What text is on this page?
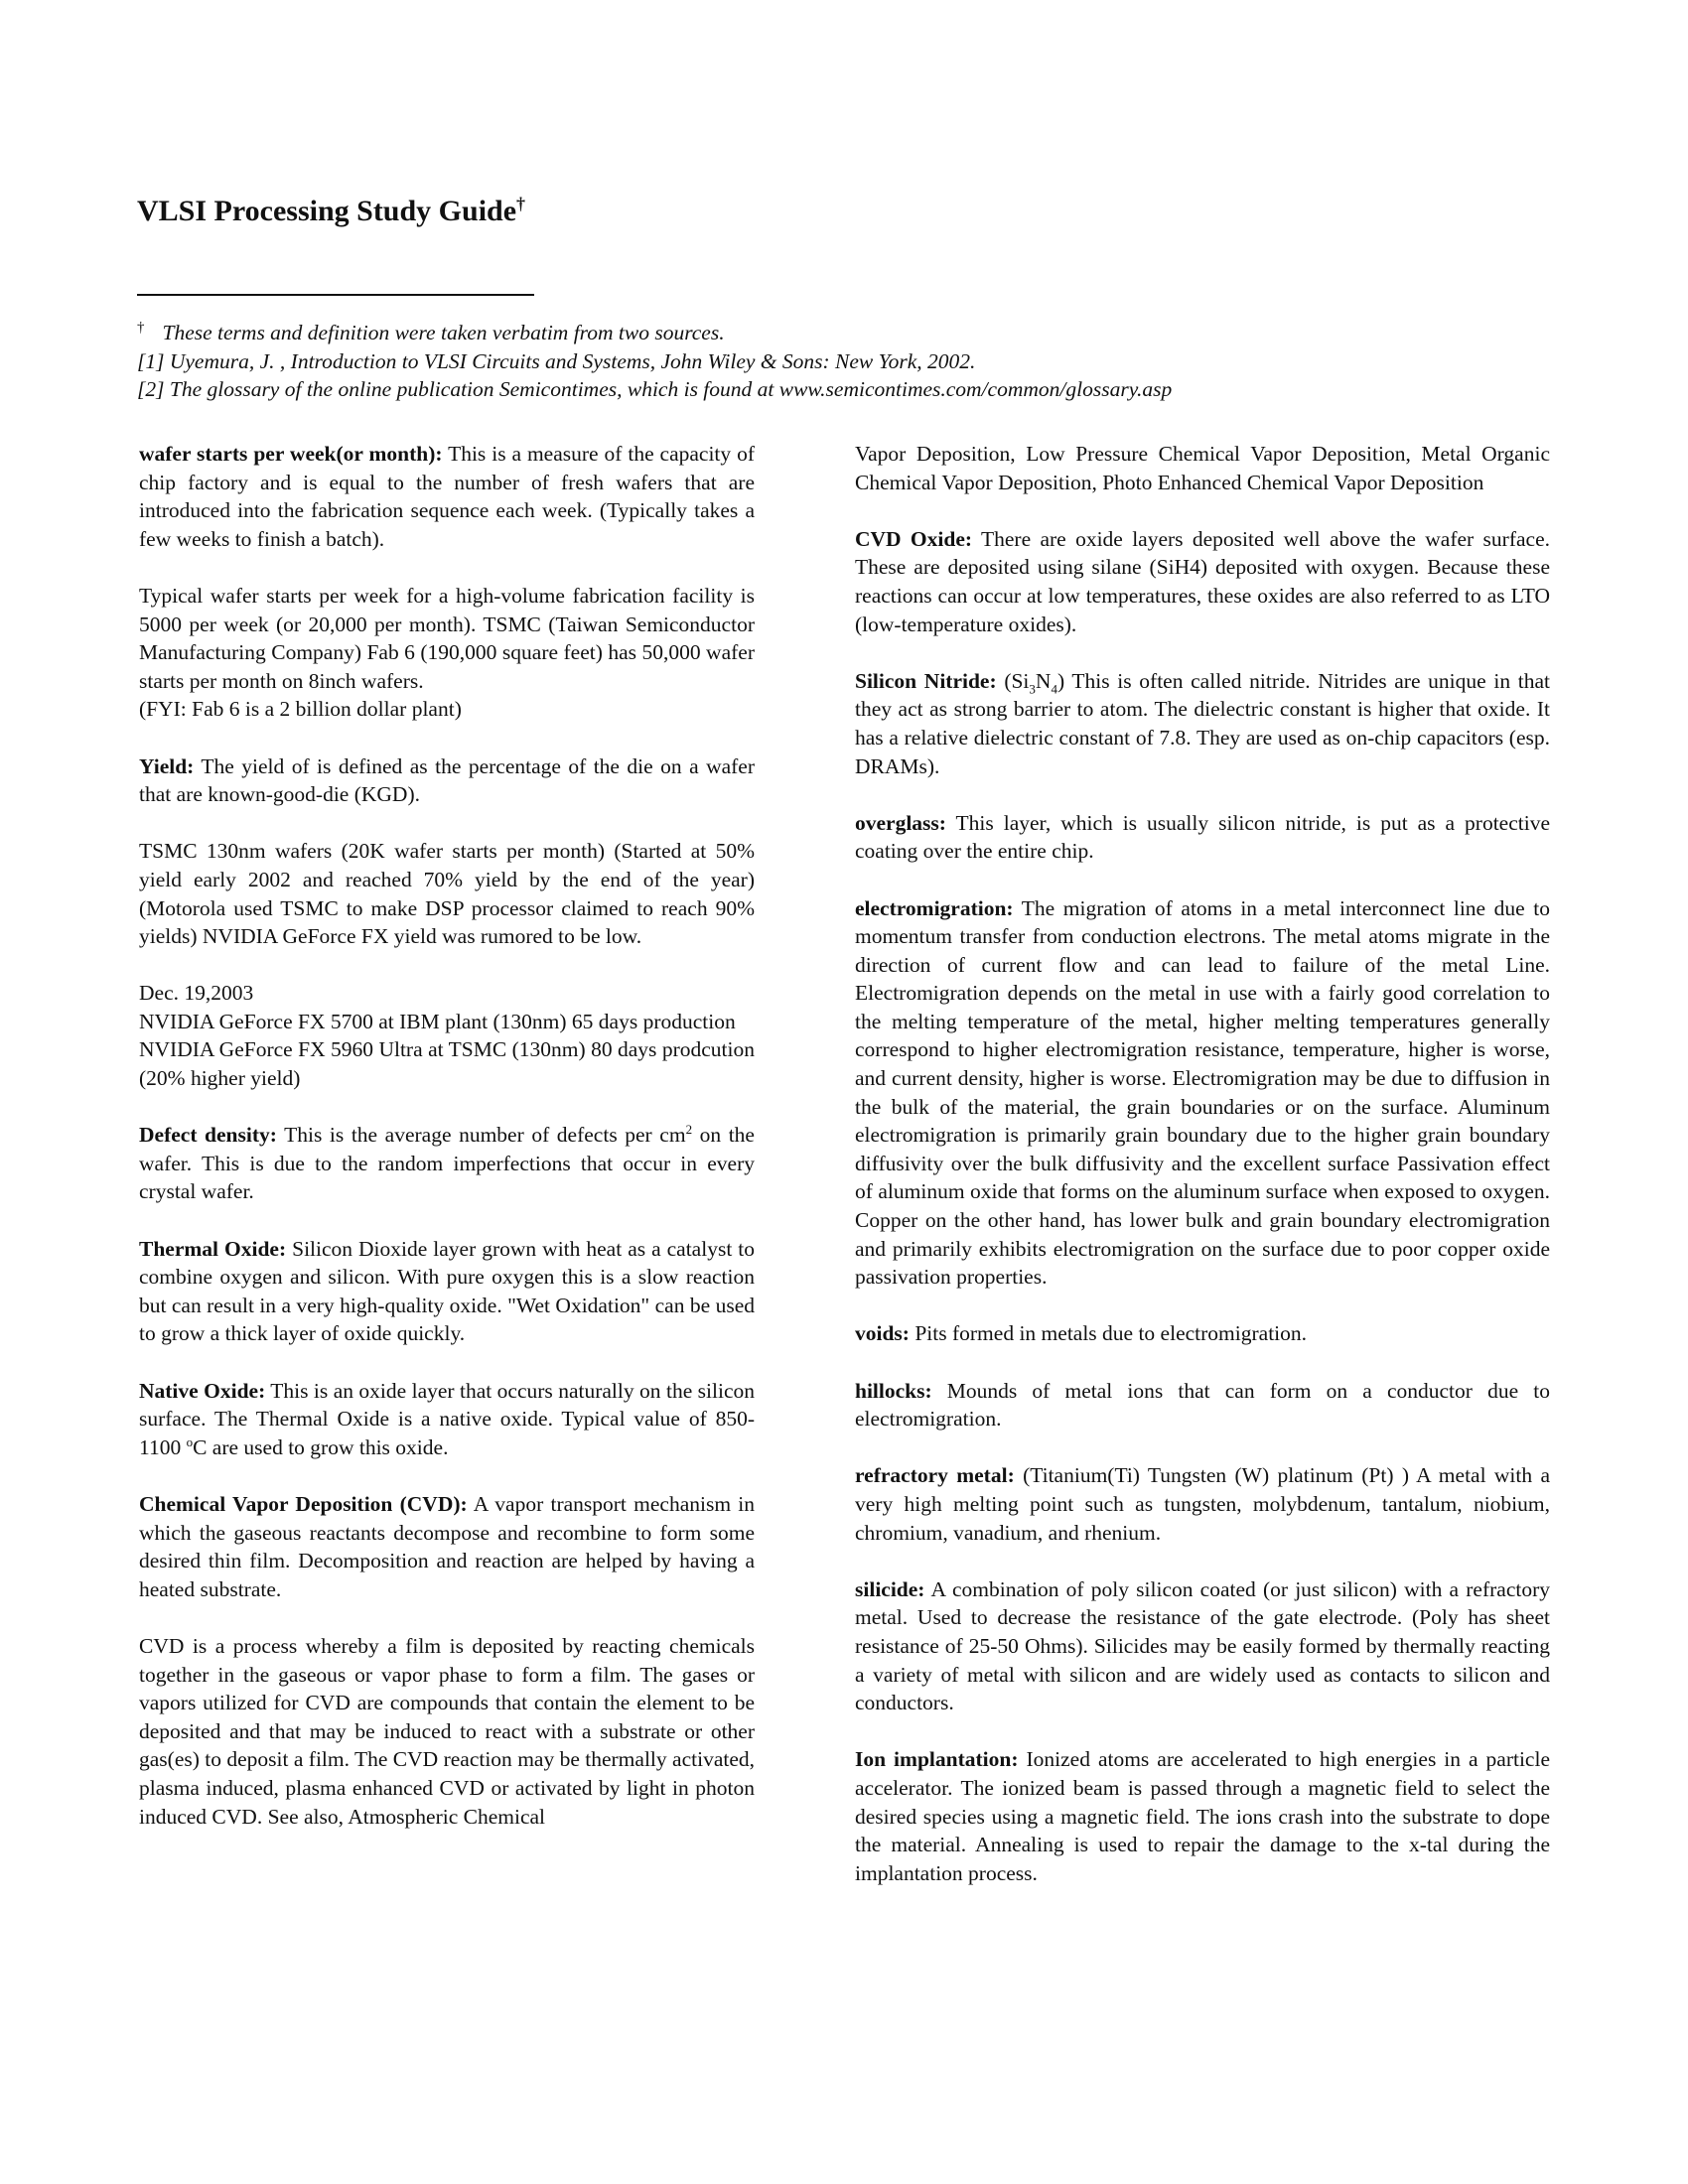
VLSI Processing Study Guide†
† These terms and definition were taken verbatim from two sources.
[1] Uyemura, J. , Introduction to VLSI Circuits and Systems, John Wiley & Sons: New York, 2002.
[2] The glossary of the online publication Semicontimes, which is found at www.semicontimes.com/common/glossary.asp

wafer starts per week(or month): This is a measure of the capacity of chip factory and is equal to the number of fresh wafers that are introduced into the fabrication sequence each week. (Typically takes a few weeks to finish a batch).

Typical wafer starts per week for a high-volume fabrication facility is 5000 per week (or 20,000 per month). TSMC (Taiwan Semiconductor Manufacturing Company) Fab 6 (190,000 square feet) has 50,000 wafer starts per month on 8inch wafers.

(FYI: Fab 6 is a 2 billion dollar plant)

Yield: The yield of is defined as the percentage of the die on a wafer that are known-good-die (KGD).

TSMC 130nm wafers (20K wafer starts per month) (Started at 50% yield early 2002 and reached 70% yield by the end of the year) (Motorola used TSMC to make DSP processor claimed to reach 90% yields) NVIDIA GeForce FX yield was rumored to be low.

Dec. 19,2003

NVIDIA GeForce FX 5700 at IBM plant (130nm) 65 days production

NVIDIA GeForce FX 5960 Ultra at TSMC (130nm) 80 days prodcution (20% higher yield)

Defect density: This is the average number of defects per $cm^2$ on the wafer. This is due to the random imperfections that occur in every crystal wafer.

Thermal Oxide: Silicon Dioxide layer grown with heat as a catalyst to combine oxygen and silicon. With pure oxygen this is a slow reaction but can result in a very high-quality oxide. "Wet Oxidation" can be used to grow a thick layer of oxide quickly.

Native Oxide: This is an oxide layer that occurs naturally on the silicon surface. The Thermal Oxide is a native oxide. Typical value of 850-1100 $^o$C are used to grow this oxide.

Chemical Vapor Deposition (CVD): A vapor transport mechanism in which the gaseous reactants decompose and recombine to form some desired thin film. Decomposition and reaction are helped by having a heated substrate.

CVD is a process whereby a film is deposited by reacting chemicals together in the gaseous or vapor phase to form a film. The gases or vapors utilized for CVD are compounds that contain the element to be deposited and that may be induced to react with a substrate or other gas(es) to deposit a film. The CVD reaction may be thermally activated, plasma induced, plasma enhanced CVD or activated by light in photon induced CVD. See also, Atmospheric Chemical

Vapor Deposition, Low Pressure Chemical Vapor Deposition, Metal Organic Chemical Vapor Deposition, Photo Enhanced Chemical Vapor Deposition

CVD Oxide: There are oxide layers deposited well above the wafer surface. These are deposited using silane (SiH4) deposited with oxygen. Because these reactions can occur at low temperatures, these oxides are also referred to as LTO (low-temperature oxides).

Silicon Nitride: $(Si_3N_4)$ This is often called nitride. Nitrides are unique in that they act as strong barrier to atom. The dielectric constant is higher that oxide. It has a relative dielectric constant of 7.8. They are used as on-chip capacitors (esp. DRAMs).

overglass: This layer, which is usually silicon nitride, is put as a protective coating over the entire chip.

electromigration: The migration of atoms in a metal interconnect line due to momentum transfer from conduction electrons. The metal atoms migrate in the direction of current flow and can lead to failure of the metal Line. Electromigration depends on the metal in use with a fairly good correlation to the melting temperature of the metal, higher melting temperatures generally correspond to higher electromigration resistance, temperature, higher is worse, and current density, higher is worse. Electromigration may be due to diffusion in the bulk of the material, the grain boundaries or on the surface. Aluminum electromigration is primarily grain boundary due to the higher grain boundary diffusivity over the bulk diffusivity and the excellent surface Passivation effect of aluminum oxide that forms on the aluminum surface when exposed to oxygen. Copper on the other hand, has lower bulk and grain boundary electromigration and primarily exhibits electromigration on the surface due to poor copper oxide passivation properties.

voids: Pits formed in metals due to electromigration.

hillocks: Mounds of metal ions that can form on a conductor due to electromigration.

refractory metal: (Titanium(Ti) Tungsten (W) platinum (Pt) ) A metal with a very high melting point such as tungsten, molybdenum, tantalum, niobium, chromium, vanadium, and rhenium.

silicide: A combination of poly silicon coated (or just silicon) with a refractory metal. Used to decrease the resistance of the gate electrode. (Poly has sheet resistance of 25-50 Ohms). Silicides may be easily formed by thermally reacting a variety of metal with silicon and are widely used as contacts to silicon and conductors.

Ion implantation: Ionized atoms are accelerated to high energies in a particle accelerator. The ionized beam is passed through a magnetic field to select the desired species using a magnetic field. The ions crash into the substrate to dope the material. Annealing is used to repair the damage to the x-tal during the implantation process.
